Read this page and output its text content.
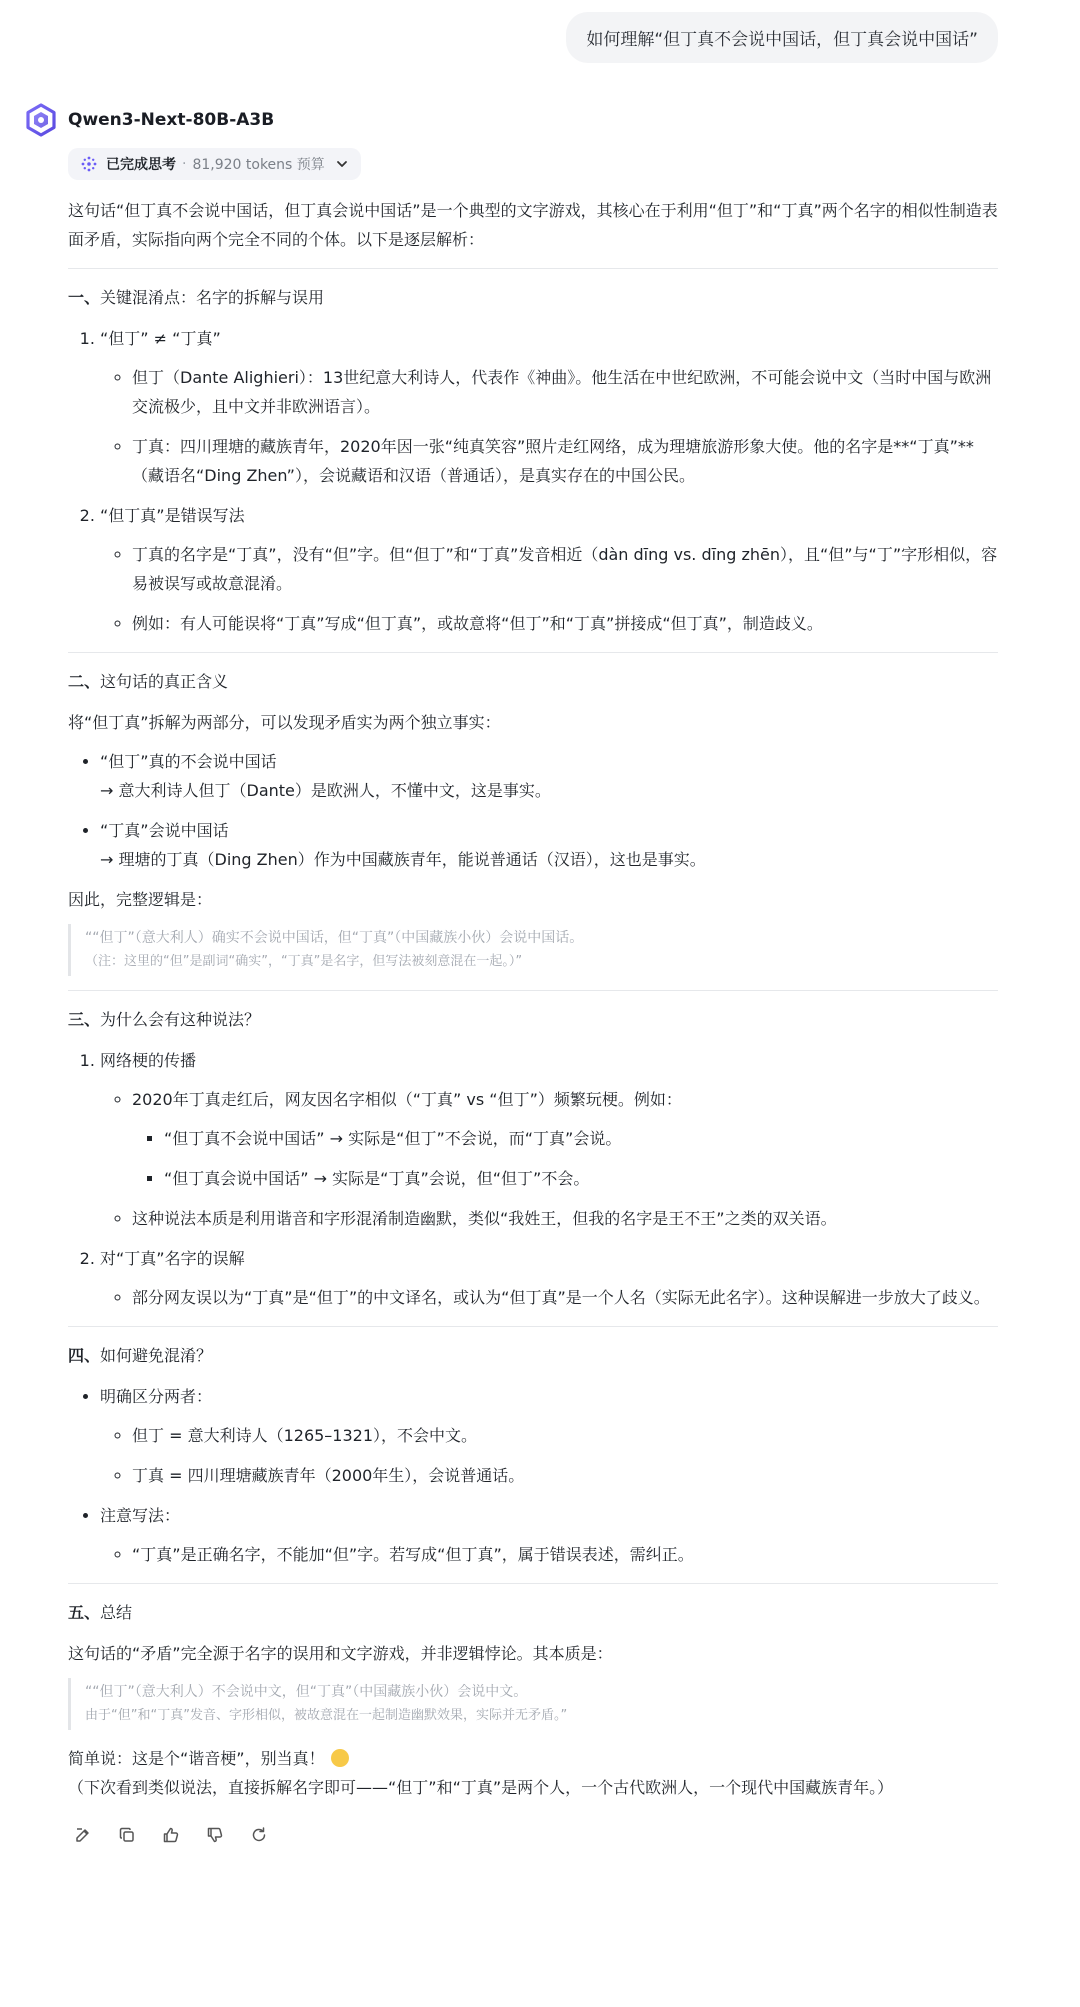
如何理解“但丁真不会说中国话，但丁真会说中国话”
Qwen3-Next-80B-A3B
已完成思考 · 81,920 tokens 预算

这句话“但丁真不会说中国话，但丁真会说中国话”是一个典型的文字游戏，其核心在于利用“但丁”和“丁真”两个名字的相似性制造表面矛盾，实际指向两个完全不同的个体。以下是逐层解析：

一、关键混淆点：名字的拆解与误用
1. “但丁” ≠ “丁真”
◦ 但丁（Dante Alighieri）：13世纪意大利诗人，代表作《神曲》。他生活在中世纪欧洲，不可能会说中文（当时中国与欧洲交流极少，且中文并非欧洲语言）。
◦ 丁真：四川理塘的藏族青年，2020年因一张“纯真笑容”照片走红网络，成为理塘旅游形象大使。他的名字是**“丁真”**（藏语名“Ding Zhen”），会说藏语和汉语（普通话），是真实存在的中国公民。
2. “但丁真”是错误写法
◦ 丁真的名字是“丁真”，没有“但”字。但“但丁”和“丁真”发音相近（dàn dīng vs. dīng zhēn），且“但”与“丁”字形相似，容易被误写或故意混淆。
◦ 例如：有人可能误将“丁真”写成“但丁真”，或故意将“但丁”和“丁真”拼接成“但丁真”，制造歧义。
二、这句话的真正含义

将“但丁真”拆解为两部分，可以发现矛盾实为两个独立事实：

• “但丁”真的不会说中国话
→ 意大利诗人但丁（Dante）是欧洲人，不懂中文，这是事实。
• “丁真”会说中国话
→ 理塘的丁真（Ding Zhen）作为中国藏族青年，能说普通话（汉语），这也是事实。

因此，完整逻辑是：

““但丁”（意大利人）确实不会说中国话，但“丁真”（中国藏族小伙）会说中国话。
（注：这里的“但”是副词“确实”，“丁真”是名字，但写法被刻意混在一起。）”
三、为什么会有这种说法？
1. 网络梗的传播
◦ 2020年丁真走红后，网友因名字相似（“丁真” vs “但丁”）频繁玩梗。例如：
▪ “但丁真不会说中国话” → 实际是“但丁”不会说，而“丁真”会说。
▪ “但丁真会说中国话” → 实际是“丁真”会说，但“但丁”不会。
◦ 这种说法本质是利用谐音和字形混淆制造幽默，类似“我姓王，但我的名字是王不王”之类的双关语。
2. 对“丁真”名字的误解
◦ 部分网友误以为“丁真”是“但丁”的中文译名，或认为“但丁真”是一个人名（实际无此名字）。这种误解进一步放大了歧义。
四、如何避免混淆？
• 明确区分两者：
◦ 但丁 = 意大利诗人（1265–1321），不会中文。
◦ 丁真 = 四川理塘藏族青年（2000年生），会说普通话。
• 注意写法：
◦ “丁真”是正确名字，不能加“但”字。若写成“但丁真”，属于错误表述，需纠正。
五、总结

这句话的“矛盾”完全源于名字的误用和文字游戏，并非逻辑悖论。其本质是：

““但丁”（意大利人）不会说中文，但“丁真”（中国藏族小伙）会说中文。
由于“但”和“丁真”发音、字形相似，被故意混在一起制造幽默效果，实际并无矛盾。”
简单说：这是个“谐音梗”，别当真！
（下次看到类似说法，直接拆解名字即可——“但丁”和“丁真”是两个人，一个古代欧洲人，一个现代中国藏族青年。）
